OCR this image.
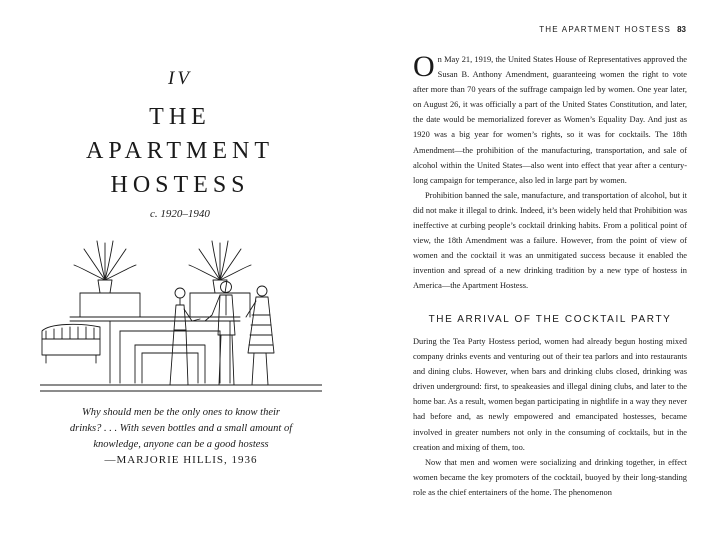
IV
THE
APARTMENT
HOSTESS
c. 1920–1940

Why should men be the only ones to know their
drinks? . . . With seven bottles and a small amount of
knowledge, anyone can be a good hostess

—MARJORIE HILLIS, 1936
THE APARTMENT HOSTESS 83

On May 21, 1919, the United States House of Representatives approved the Susan B. Anthony Amendment, guaranteeing women the right to vote after more than 70 years of the suffrage campaign led by women. One year later, on August 26, it was officially a part of the United States Constitution, and later, the date would be memorialized forever as Women’s Equality Day. And just as 1920 was a big year for women’s rights, so it was for cocktails. The 18th Amendment—the prohibition of the manufacturing, transportation, and sale of alcohol within the United States—also went into effect that year after a century-long campaign for temperance, also led in large part by women.

Prohibition banned the sale, manufacture, and transportation of alcohol, but it did not make it illegal to drink. Indeed, it’s been widely held that Prohibition was ineffective at curbing people’s cocktail drinking habits. From a political point of view, the 18th Amendment was a failure. However, from the point of view of women and the cocktail it was an unmitigated success because it enabled the invention and spread of a new drinking tradition by a new type of hostess in America—the Apartment Hostess.

THE ARRIVAL OF THE COCKTAIL PARTY

During the Tea Party Hostess period, women had already begun hosting mixed company drinks events and venturing out of their tea parlors and into restaurants and dining clubs. However, when bars and drinking clubs closed, drinking was driven underground: first, to speakeasies and illegal dining clubs, and later to the home bar. As a result, women began participating in nightlife in a way they never had before and, as newly empowered and emancipated hostesses, became involved in greater numbers not only in the consuming of cocktails, but in the creation and mixing of them, too.

Now that men and women were socializing and drinking together, in effect women became the key promoters of the cocktail, buoyed by their long-standing role as the chief entertainers of the home. The phenomenon
